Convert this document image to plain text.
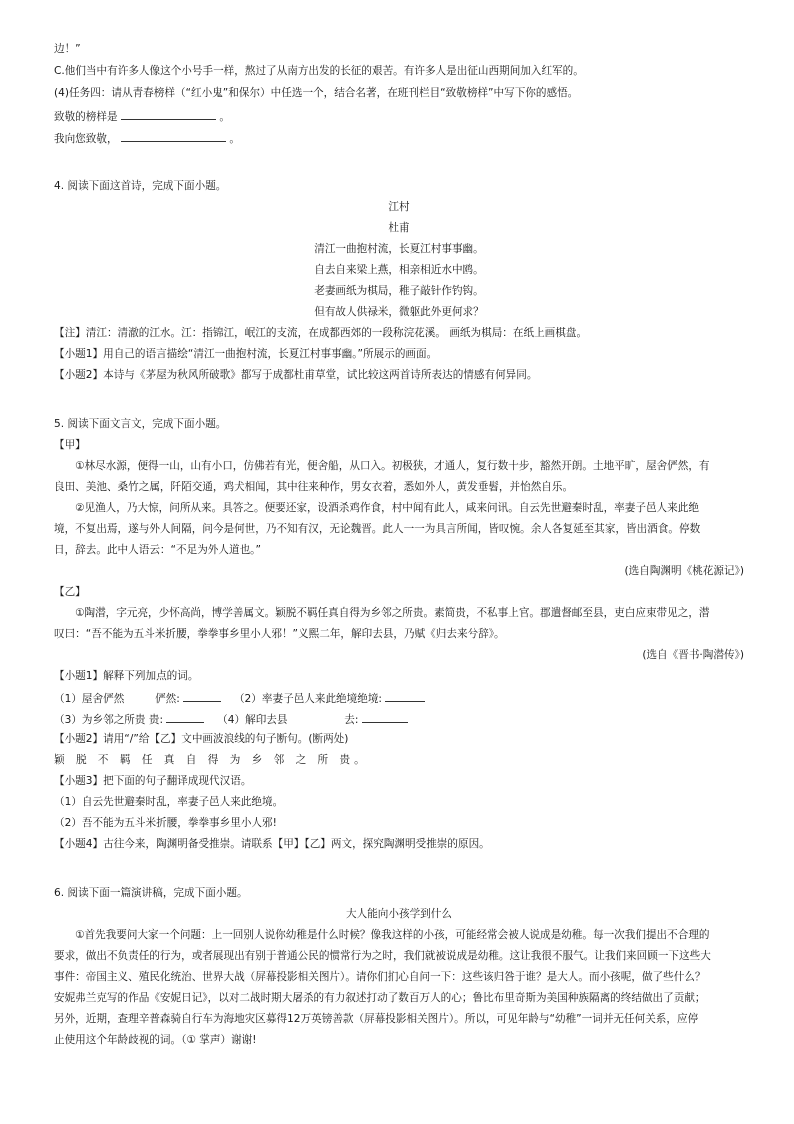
边！”
C.他们当中有许多人像这个小号手一样，熬过了从南方出发的长征的艰苦。有许多人是出征山西期间加入红军的。
(4)任务四：请从青春榜样（“红小鬼”和保尔）中任选一个，结合名著，在班刊栏目“致敬榜样”中写下你的感悟。
致敬的榜样是	。
我向您致敬，	。
4. 阅读下面这首诗，完成下面小题。
江村
杜甫
清江一曲抱村流，长夏江村事事幽。
自去自来梁上燕，相亲相近水中鸥。
老妻画纸为棋局，稚子敲针作钓钩。
但有故人供禄米，微躯此外更何求？
【注】清江：清澈的江水。江：指锦江，岷江的支流，在成都西郊的一段称浣花溪。 画纸为棋局：在纸上画棋盘。
【小题1】用自己的语言描绘“清江一曲抱村流，长夏江村事事幽。”所展示的画面。
【小题2】本诗与《茅屋为秋风所破歌》都写于成都杜甫草堂，试比较这两首诗所表达的情感有何异同。
5. 阅读下面文言文，完成下面小题。
【甲】
①林尽水源，便得一山，山有小口，仿佛若有光，便舍船，从口入。初极狭，才通人，复行数十步，豁然开朗。土地平旷，屋舍俨然，有
良田、美池、桑竹之属，阡陌交通，鸡犬相闻，其中往来种作，男女衣着，悉如外人，黄发垂髫，并怡然自乐。
②见渔人，乃大惊，问所从来。具答之。便要还家，设酒杀鸡作食，村中闻有此人，咸来问讯。自云先世避秦时乱，率妻子邑人来此绝
境，不复出焉，遂与外人间隔，问今是何世，乃不知有汉，无论魏晋。此人一一为具言所闻，皆叹惋。余人各复延至其家，皆出酒食。停数
日，辞去。此中人语云：“不足为外人道也。”
(选自陶渊明《桃花源记》)
【乙】
①陶潜，字元亮，少怀高尚，博学善属文。颖脱不羁任真自得为乡邻之所贵。素简贵，不私事上官。郡遣督邮至县，吏白应束带见之，潜
叹曰：“吾不能为五斗米折腰，拳拳事乡里小人邪！”义熙二年，解印去县，乃赋《归去来兮辞》。
(选自《晋书·陶潜传》)
【小题1】解释下列加点的词。
（1）屋舍俨然	俨然:	（2）率妻子邑人来此绝境绝境:
（3）为乡邻之所贵 贵:	（4）解印去县	去:
【小题2】请用“/”给【乙】文中画波浪线的句子断句。(断两处)
颖 脱 不 羁 任 真 自 得 为 乡 邻 之 所 贵。
【小题3】把下面的句子翻译成现代汉语。
（1）自云先世避秦时乱，率妻子邑人来此绝境。
（2）吾不能为五斗米折腰，拳拳事乡里小人邪!
【小题4】古往今来，陶渊明备受推崇。请联系【甲】【乙】两文，探究陶渊明受推崇的原因。
6. 阅读下面一篇演讲稿，完成下面小题。
大人能向小孩学到什么
①首先我要问大家一个问题：上一回别人说你幼稚是什么时候？像我这样的小孩，可能经常会被人说成是幼稚。每一次我们提出不合理的
要求，做出不负责任的行为，或者展现出有别于普通公民的惯常行为之时，我们就被说成是幼稚。这让我很不服气。让我们来回顾一下这些大
事件：帝国主义、殖民化统治、世界大战（屏幕投影相关图片）。请你们扪心自问一下：这些该归咎于谁？是大人。而小孩呢，做了些什么？
安妮弗兰克写的作品《安妮日记》，以对二战时期大屠杀的有力叙述打动了数百万人的心；鲁比布里奇斯为美国种族隔离的终结做出了贡献；
另外，近期，查理辛普森骑自行车为海地灾区募得12万英镑善款（屏幕投影相关图片）。所以，可见年龄与“幼稚”一词并无任何关系，应停
止使用这个年龄歧视的词。（① 掌声）谢谢!
